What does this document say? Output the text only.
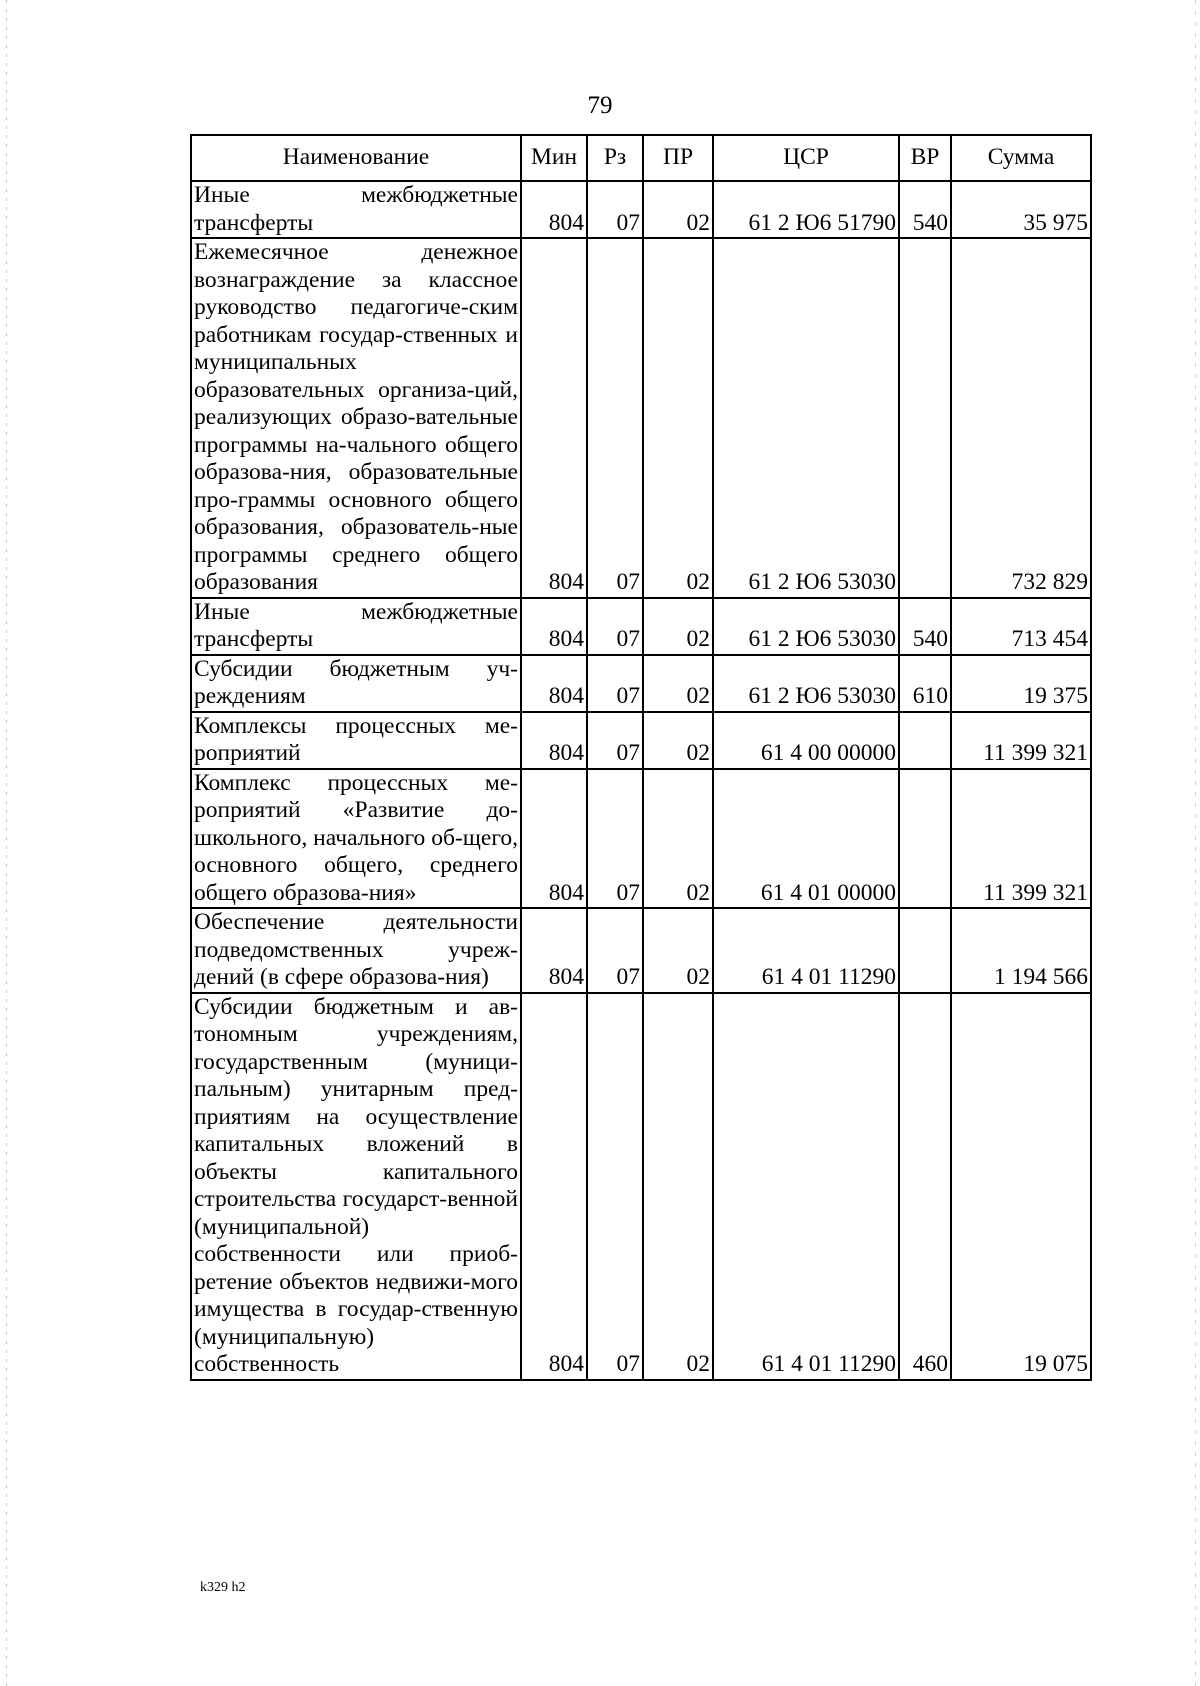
79
Наименование	Мин	Рз	ПР	ЦСР	ВР	Сумма
Иные межбюджетные трансферты	804	07	02	61 2 Ю6 51790	540	35 975
Ежемесячное денежное вознаграждение за классное руководство педагогиче-ским работникам государ-ственных и муниципальных образовательных организа-ций, реализующих образо-вательные программы на-чального общего образова-ния, образовательные про-граммы основного общего образования, образователь-ные программы среднего общего образования	804	07	02	61 2 Ю6 53030		732 829
Иные межбюджетные трансферты	804	07	02	61 2 Ю6 53030	540	713 454
Субсидии бюджетным уч-реждениям	804	07	02	61 2 Ю6 53030	610	19 375
Комплексы процессных ме-роприятий	804	07	02	61 4 00 00000		11 399 321
Комплекс процессных ме-роприятий «Развитие до-школьного, начального об-щего, основного общего, среднего общего образова-ния»	804	07	02	61 4 01 00000		11 399 321
Обеспечение деятельности подведомственных учреж-дений (в сфере образова-ния)	804	07	02	61 4 01 11290		1 194 566
Субсидии бюджетным и ав-тономным учреждениям, государственным (муници-пальным) унитарным пред-приятиям на осуществление капитальных вложений в объекты капитального строительства государст-венной (муниципальной) собственности или приоб-ретение объектов недвижи-мого имущества в государ-ственную (муниципальную) собственность	804	07	02	61 4 01 11290	460	19 075
k329 h2
